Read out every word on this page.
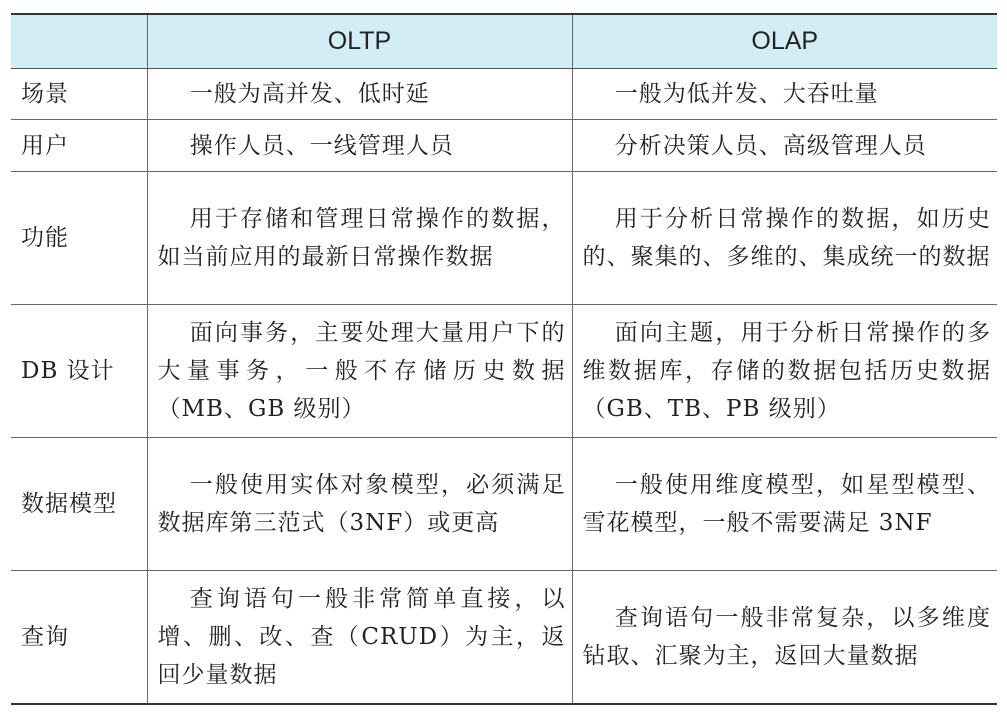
	OLTP	OLAP
场景	一般为高并发、低时延	一般为低并发、大吞吐量
用户	操作人员、一线管理人员	分析决策人员、高级管理人员
功能	用于存储和管理日常操作的数据，如当前应用的最新日常操作数据	用于分析日常操作的数据，如历史的、聚集的、多维的、集成统一的数据
DB 设计	面向事务，主要处理大量用户下的大量事务，一般不存储历史数据（MB、GB 级别）	面向主题，用于分析日常操作的多维数据库，存储的数据包括历史数据（GB、TB、PB 级别）
数据模型	一般使用实体对象模型，必须满足数据库第三范式（3NF）或更高	一般使用维度模型，如星型模型、雪花模型，一般不需要满足 3NF
查询	查询语句一般非常简单直接，以增、删、改、查（CRUD）为主，返回少量数据	查询语句一般非常复杂，以多维度钻取、汇聚为主，返回大量数据
